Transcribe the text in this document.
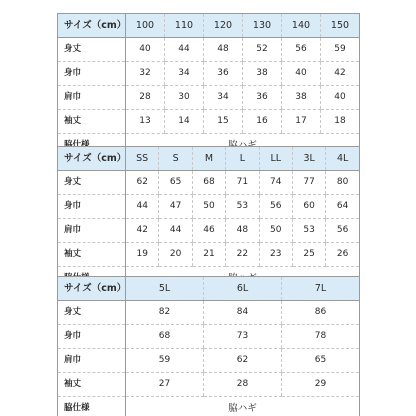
サイズ（cm）	100	110	120	130	140	150
身丈	40	44	48	52	56	59
身巾	32	34	36	38	40	42
肩巾	28	30	34	36	38	40
袖丈	13	14	15	16	17	18

サイズ（cm）	SS	S	M	L	LL	3L	4L
身丈	62	65	68	71	74	77	80
身巾	44	47	50	53	56	60	64
肩巾	42	44	46	48	50	53	56
袖丈	19	20	21	22	23	25	26

サイズ（cm）	5L	6L	7L
身丈	82	84	86
身巾	68	73	78
肩巾	59	62	65
袖丈	27	28	29
脇仕様	脇ハギ		
